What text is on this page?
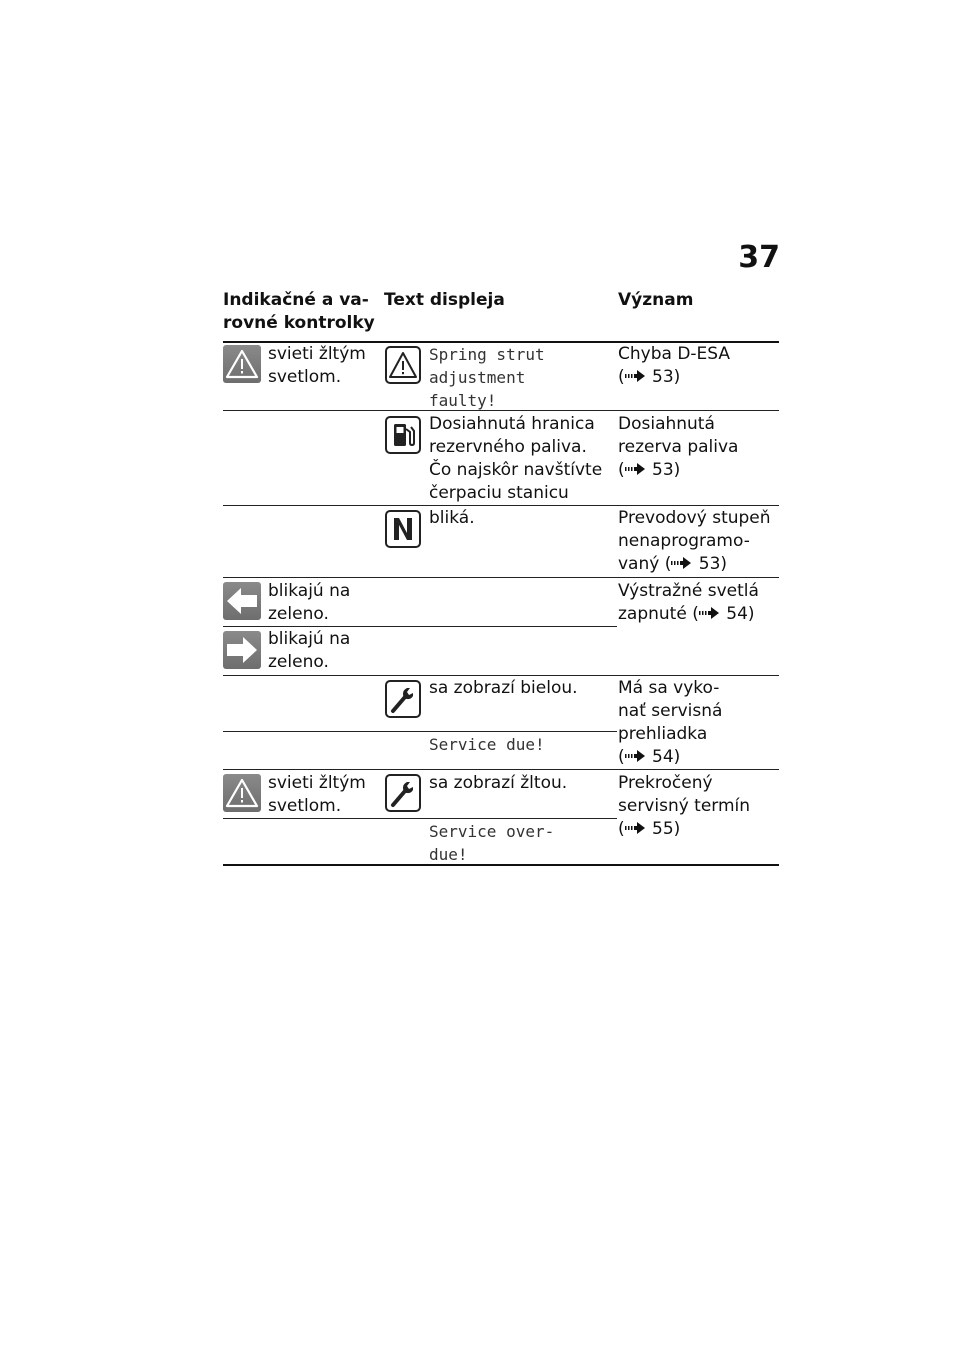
37
Indikačné a va-
rovné kontrolky
Text displeja	Význam
svieti žltým
svetlom.
Spring strut
adjustment
faulty!
Chyba D-ESA
( 53)
Dosiahnutá hranica
rezervného paliva.
Čo najskôr navštívte
čerpaciu stanicu
Dosiahnutá
rezerva paliva
( 53)
bliká.	Prevodový stupeň
nenaprogramo-
vaný ( 53)
blikajú na
zeleno.
blikajú na
zeleno.
Výstražné svetlá
zapnuté ( 54)
sa zobrazí bielou.
Service due!
Má sa vyko-
nať servisná
prehliadka
( 54)
svieti žltým
svetlom.
sa zobrazí žltou.
Service over-
due!
Prekročený
servisný termín
( 55)
